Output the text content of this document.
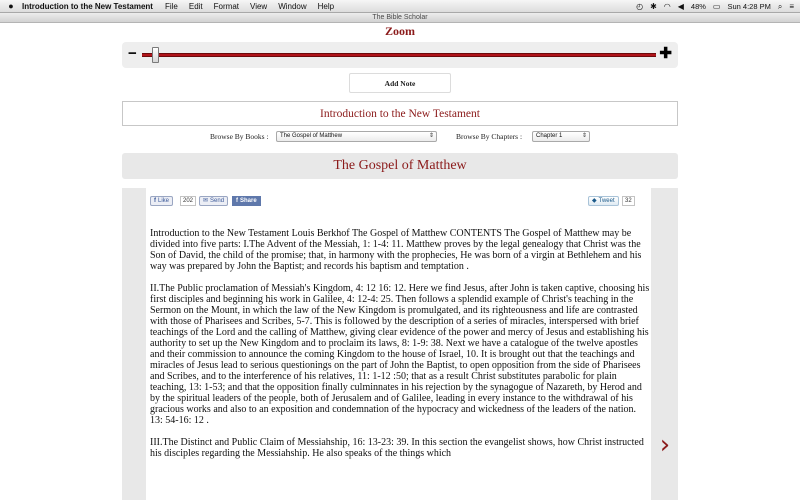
●	Introduction to the New Testament File Edit Format View Window Help	◴ ✱ ◠ ◀ 48% ▭ Sun 4:28 PM ⌕ ≡
The Bible Scholar
Zoom
−	✚
Add Note
Introduction to the New Testament
Browse By Books :	The Gospel of Matthew	⇕	Browse By Chapters :	Chapter 1	⇕
The Gospel of Matthew
f Like	202	✉ Send f Share	◆ Tweet	32

Introduction to the New Testament Louis Berkhof The Gospel of Matthew CONTENTS The Gospel of Matthew may be divided into five parts: I.The Advent of the Messiah, 1: 1-4: 11. Matthew proves by the legal genealogy that Christ was the Son of David, the child of the promise; that, in harmony with the prophecies, He was born of a virgin at Bethlehem and his way was prepared by John the Baptist; and records his baptism and temptation .

II.The Public proclamation of Messiah's Kingdom, 4: 12 16: 12. Here we find Jesus, after John is taken captive, choosing his first disciples and beginning his work in Galilee, 4: 12-4: 25. Then follows a splendid example of Christ's teaching in the Sermon on the Mount, in which the law of the New Kingdom is promulgated, and its righteousness and life are contrasted with those of Pharisees and Scribes, 5-7. This is followed by the description of a series of miracles, interspersed with brief teachings of the Lord and the calling of Matthew, giving clear evidence of the power and mercy of Jesus and establishing his authority to set up the New Kingdom and to proclaim its laws, 8: 1-9: 38. Next we have a catalogue of the twelve apostles and their commission to announce the coming Kingdom to the house of Israel, 10. It is brought out that the teachings and miracles of Jesus lead to serious questionings on the part of John the Baptist, to open opposition from the side of Pharisees and Scribes, and to the interference of his relatives, 11: 1-12 :50; that as a result Christ substitutes parabolic for plain teaching, 13: 1-53; and that the opposition finally culminnates in his rejection by the synagogue of Nazareth, by Herod and by the spiritual leaders of the people, both of Jerusalem and of Galilee, leading in every instance to the withdrawal of his gracious works and also to an exposition and condemnation of the hypocracy and wickedness of the leaders of the nation. 13: 54-16: 12 .

III.The Distinct and Public Claim of Messiahship, 16: 13-23: 39. In this section the evangelist shows, how Christ instructed his disciples regarding the Messiahship. He also speaks of the things which	›
